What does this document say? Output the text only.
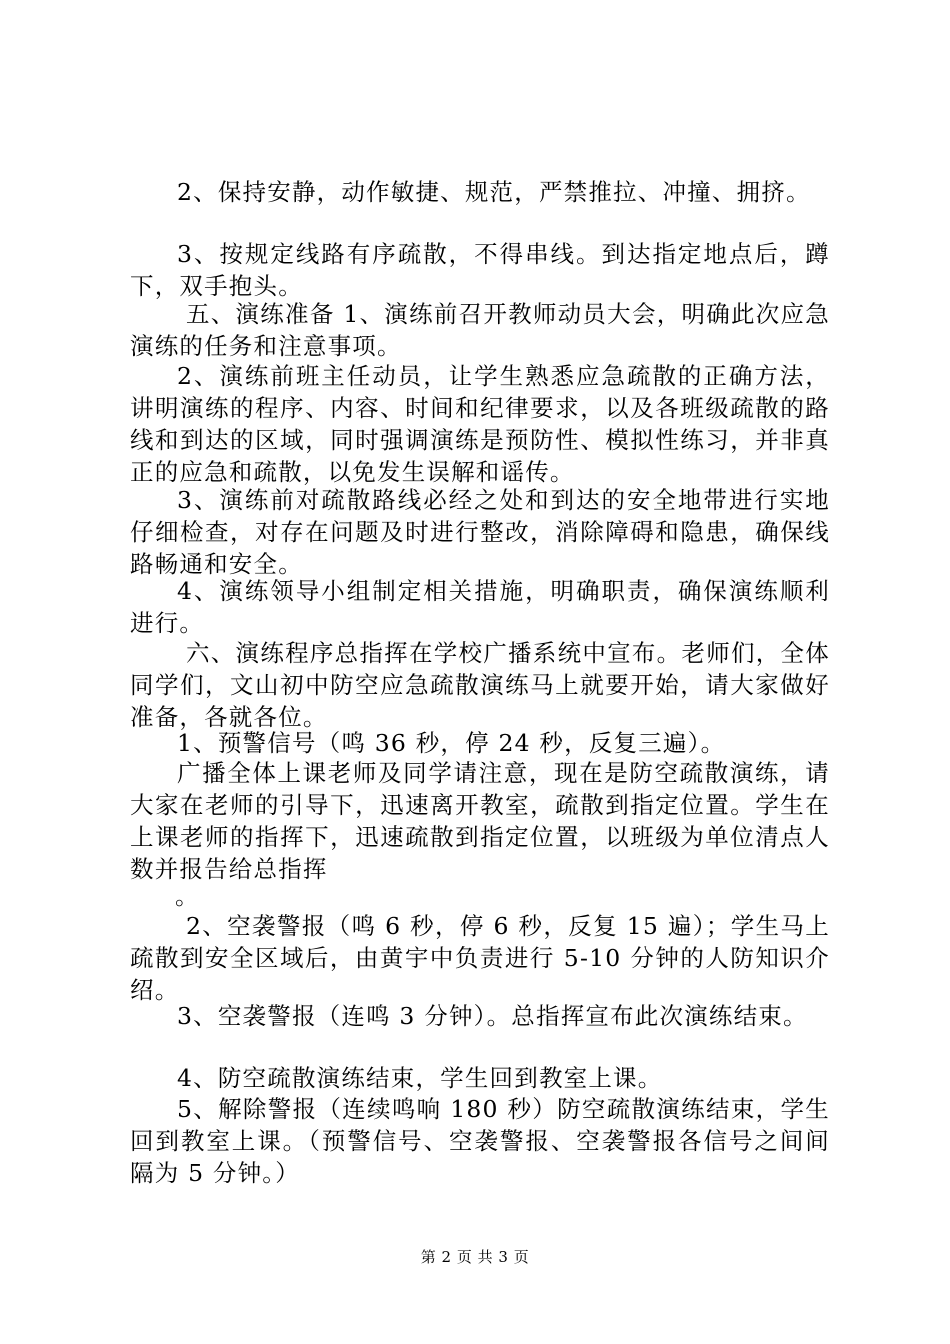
2、保持安静，动作敏捷、规范，严禁推拉、冲撞、拥挤。

3、按规定线路有序疏散，不得串线。到达指定地点后，蹲下，双手抱头。

五、演练准备 1、演练前召开教师动员大会，明确此次应急演练的任务和注意事项。

2、演练前班主任动员，让学生熟悉应急疏散的正确方法，讲明演练的程序、内容、时间和纪律要求，以及各班级疏散的路线和到达的区域，同时强调演练是预防性、模拟性练习，并非真正的应急和疏散，以免发生误解和谣传。

3、演练前对疏散路线必经之处和到达的安全地带进行实地仔细检查，对存在问题及时进行整改，消除障碍和隐患，确保线路畅通和安全。

4、演练领导小组制定相关措施，明确职责，确保演练顺利进行。

六、演练程序总指挥在学校广播系统中宣布。老师们，全体同学们，文山初中防空应急疏散演练马上就要开始，请大家做好准备，各就各位。

1、预警信号（鸣 36 秒，停 24 秒，反复三遍）。

广播全体上课老师及同学请注意，现在是防空疏散演练，请大家在老师的引导下，迅速离开教室，疏散到指定位置。学生在上课老师的指挥下，迅速疏散到指定位置，以班级为单位清点人数并报告给总指挥

。

2、空袭警报（鸣 6 秒，停 6 秒，反复 15 遍）；学生马上疏散到安全区域后，由黄宇中负责进行 5-10 分钟的人防知识介绍。

3、空袭警报（连鸣 3 分钟）。总指挥宣布此次演练结束。

4、防空疏散演练结束，学生回到教室上课。

5、解除警报（连续鸣响 180 秒）防空疏散演练结束，学生回到教室上课。（预警信号、空袭警报、空袭警报各信号之间间隔为 5 分钟。）

第 2 页 共 3 页
